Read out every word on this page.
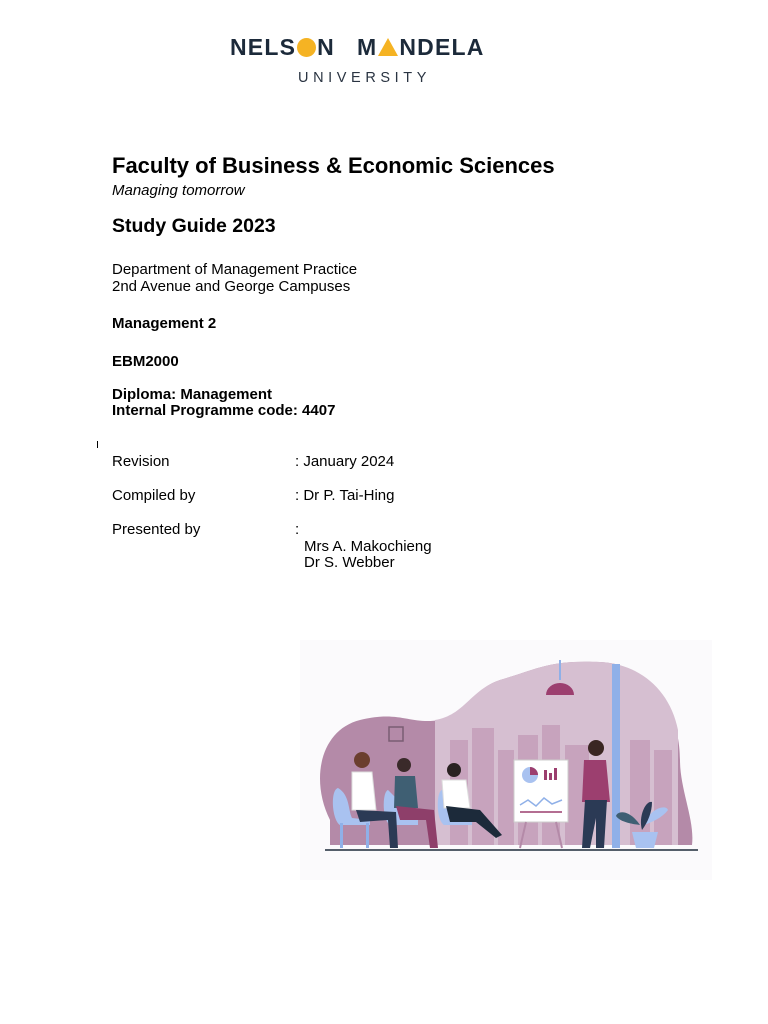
NELS N M NDELA
UNIVERSITY
Faculty of Business & Economic Sciences
Managing tomorrow
Study Guide 2023
Department of Management Practice
2nd Avenue and George Campuses
Management 2
EBM2000
Diploma: Management
Internal Programme code: 4407
Revision	: January 2024
Compiled by	: Dr P. Tai-Hing
Presented by	:
Mrs A. Makochieng
Dr S. Webber
